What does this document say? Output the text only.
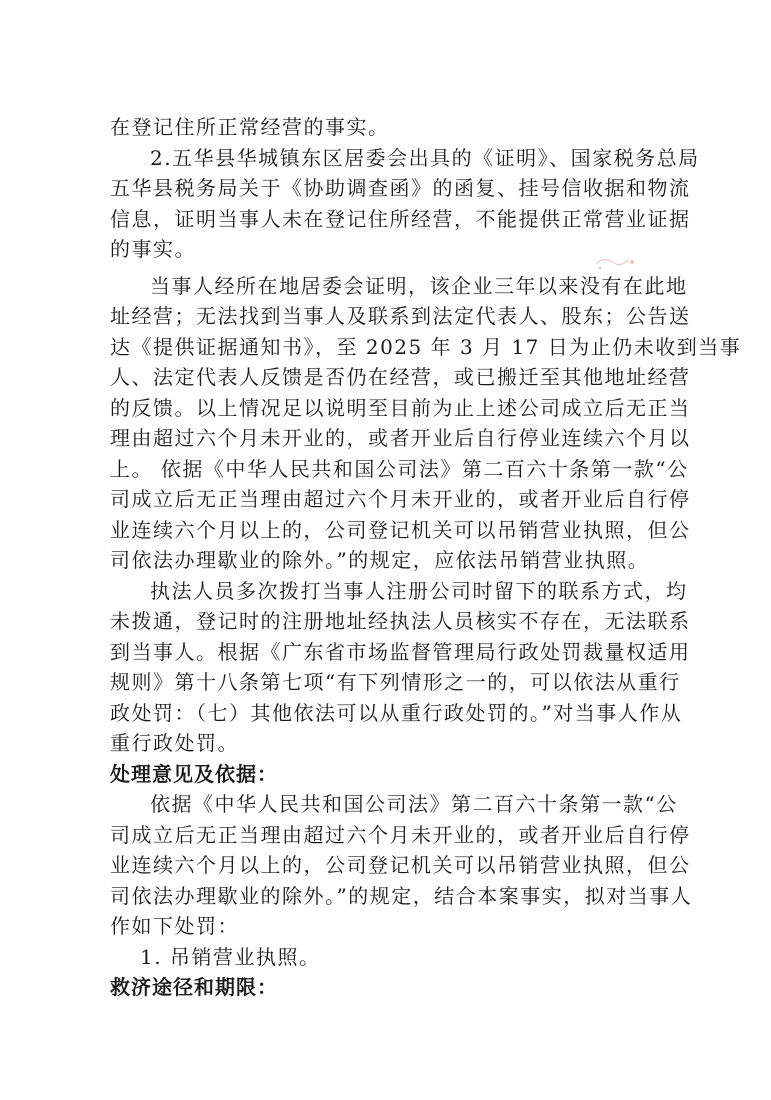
在登记住所正常经营的事实。
2.五华县华城镇东区居委会出具的《证明》、国家税务总局
五华县税务局关于《协助调查函》的函复、挂号信收据和物流
信息，证明当事人未在登记住所经营，不能提供正常营业证据
的事实。
当事人经所在地居委会证明，该企业三年以来没有在此地
址经营；无法找到当事人及联系到法定代表人、股东；公告送
达《提供证据通知书》，至 2025 年 3 月 17 日为止仍未收到当事
人、法定代表人反馈是否仍在经营，或已搬迁至其他地址经营
的反馈。以上情况足以说明至目前为止上述公司成立后无正当
理由超过六个月未开业的，或者开业后自行停业连续六个月以
上。 依据《中华人民共和国公司法》第二百六十条第一款“公
司成立后无正当理由超过六个月未开业的，或者开业后自行停
业连续六个月以上的，公司登记机关可以吊销营业执照，但公
司依法办理歇业的除外。”的规定，应依法吊销营业执照。
执法人员多次拨打当事人注册公司时留下的联系方式，均
未拨通，登记时的注册地址经执法人员核实不存在，无法联系
到当事人。根据《广东省市场监督管理局行政处罚裁量权适用
规则》第十八条第七项“有下列情形之一的，可以依法从重行
政处罚：（七）其他依法可以从重行政处罚的。”对当事人作从
重行政处罚。
处理意见及依据：
依据《中华人民共和国公司法》第二百六十条第一款“公
司成立后无正当理由超过六个月未开业的，或者开业后自行停
业连续六个月以上的，公司登记机关可以吊销营业执照，但公
司依法办理歇业的除外。”的规定，结合本案事实，拟对当事人
作如下处罚：
1. 吊销营业执照。
救济途径和期限：
